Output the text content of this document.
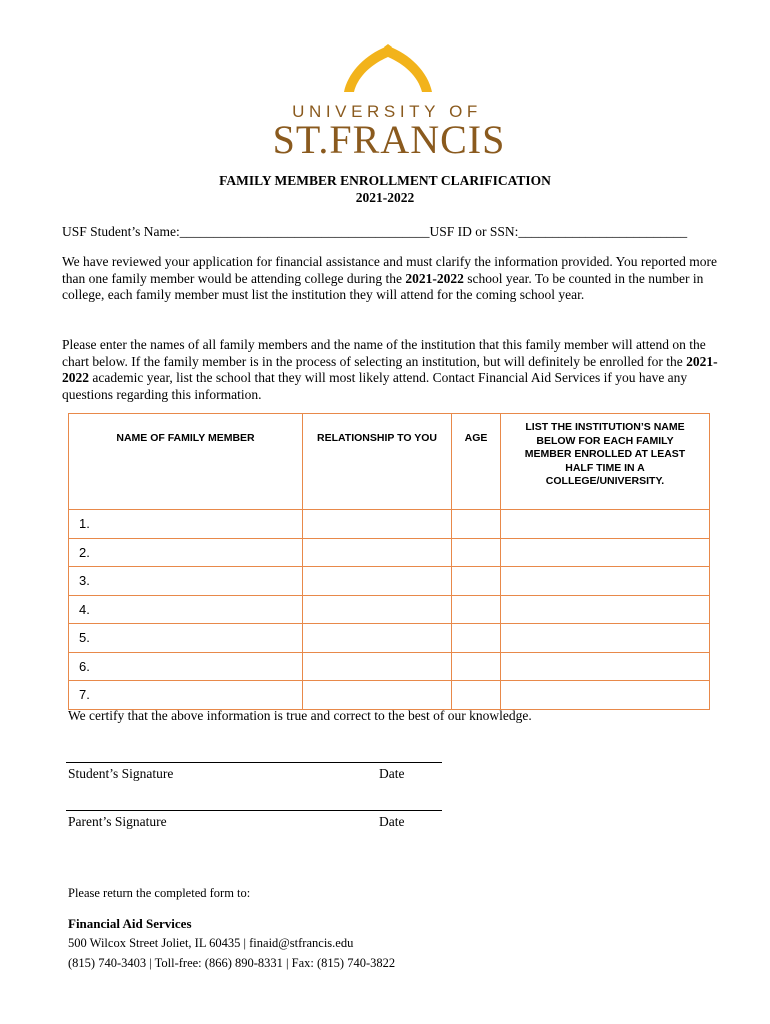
UNIVERSITY OF
ST.FRANCIS
FAMILY MEMBER ENROLLMENT CLARIFICATION
2021-2022
USF Student’s Name:_____________________________________USF ID or SSN:_________________________
We have reviewed your application for financial assistance and must clarify the information provided. You reported more than one family member would be attending college during the 2021-2022 school year. To be counted in the number in college, each family member must list the institution they will attend for the coming school year.
Please enter the names of all family members and the name of the institution that this family member will attend on the chart below. If the family member is in the process of selecting an institution, but will definitely be enrolled for the 2021-2022 academic year, list the school that they will most likely attend. Contact Financial Aid Services if you have any questions regarding this information.
NAME OF FAMILY MEMBER	RELATIONSHIP TO YOU	AGE	LIST THE INSTITUTION’S NAME
BELOW FOR EACH FAMILY
MEMBER ENROLLED AT LEAST
HALF TIME IN A
COLLEGE/UNIVERSITY.

1.			
2.			
3.			
4.			
5.			
6.			
7.			
We certify that the above information is true and correct to the best of our knowledge.
Student’s Signature	Date
Parent’s Signature	Date
Please return the completed form to:
Financial Aid Services
500 Wilcox Street Joliet, IL 60435 | finaid@stfrancis.edu
(815) 740-3403 | Toll-free: (866) 890-8331 | Fax: (815) 740-3822
